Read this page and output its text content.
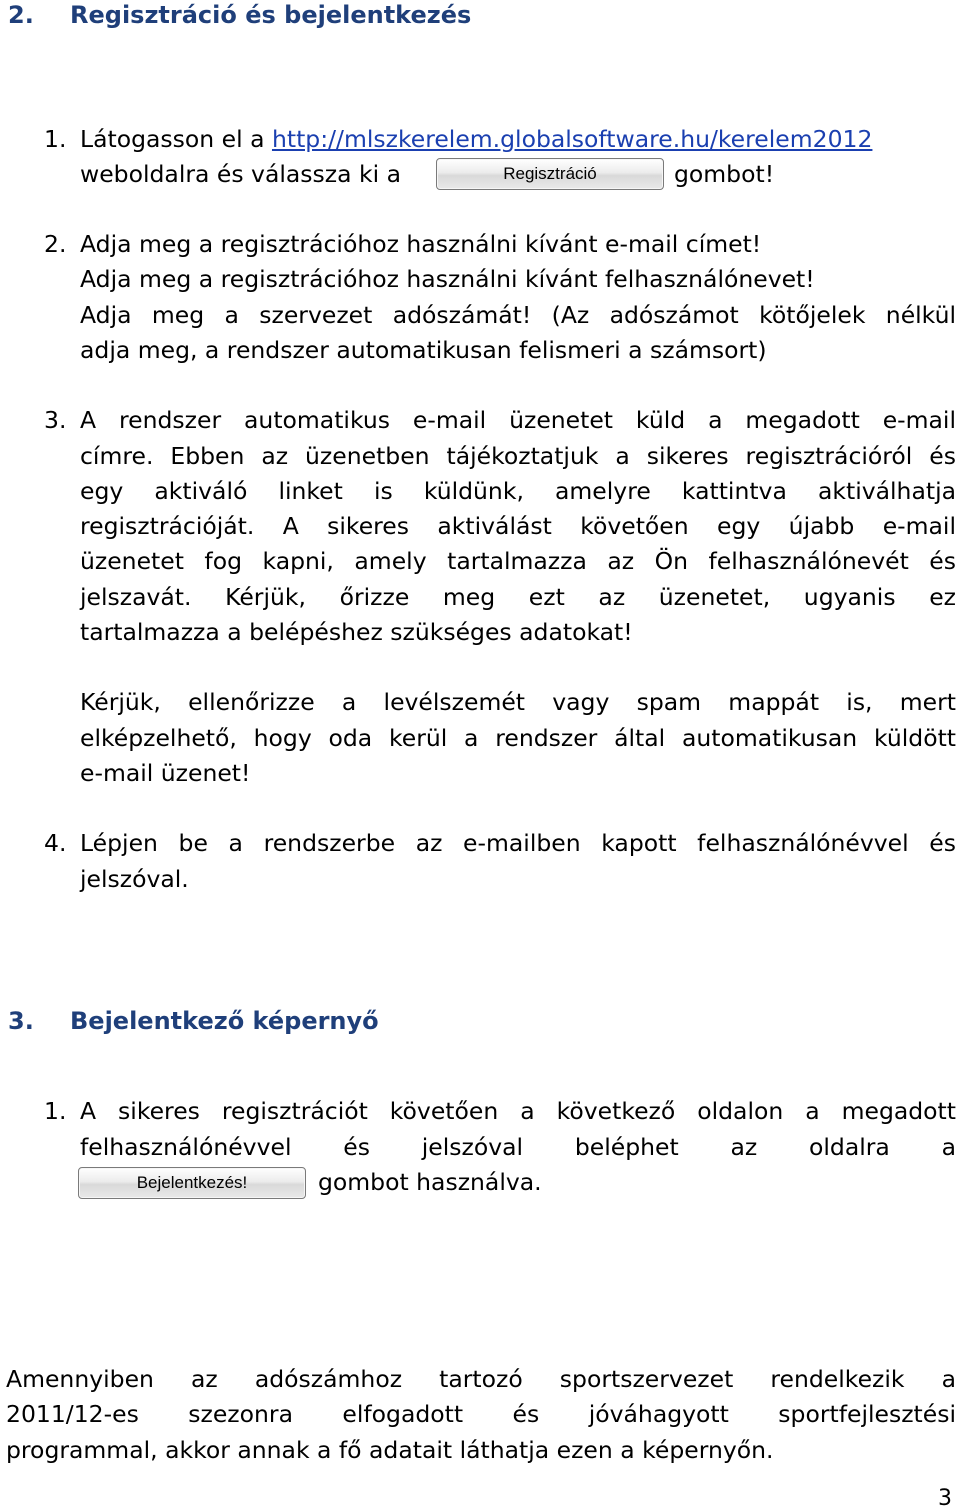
2. Regisztráció és bejelentkezés
1. Látogasson el a http://mlszkerelem.globalsoftware.hu/kerelem2012
weboldalra és válassza ki a	Regisztráció	gombot!
2. Adja meg a regisztrációhoz használni kívánt e-mail címet!
Adja meg a regisztrációhoz használni kívánt felhasználónevet!
Adja meg a szervezet adószámát! (Az adószámot kötőjelek nélkül
adja meg, a rendszer automatikusan felismeri a számsort)
3. A rendszer automatikus e-mail üzenetet küld a megadott e-mail
címre. Ebben az üzenetben tájékoztatjuk a sikeres regisztrációról és
egy aktiváló linket is küldünk, amelyre kattintva aktiválhatja
regisztrációját. A sikeres aktiválást követően egy újabb e-mail
üzenetet fog kapni, amely tartalmazza az Ön felhasználónevét és
jelszavát. Kérjük, őrizze meg ezt az üzenetet, ugyanis ez
tartalmazza a belépéshez szükséges adatokat!
Kérjük, ellenőrizze a levélszemét vagy spam mappát is, mert
elképzelhető, hogy oda kerül a rendszer által automatikusan küldött
e-mail üzenet!
4. Lépjen be a rendszerbe az e-mailben kapott felhasználónévvel és
jelszóval.
3. Bejelentkező képernyő
1. A sikeres regisztrációt követően a következő oldalon a megadott
felhasználónévvel és jelszóval beléphet az oldalra a
Bejelentkezés!	gombot használva.
Amennyiben az adószámhoz tartozó sportszervezet rendelkezik a
2011/12-es szezonra elfogadott és jóváhagyott sportfejlesztési
programmal, akkor annak a fő adatait láthatja ezen a képernyőn.
3
